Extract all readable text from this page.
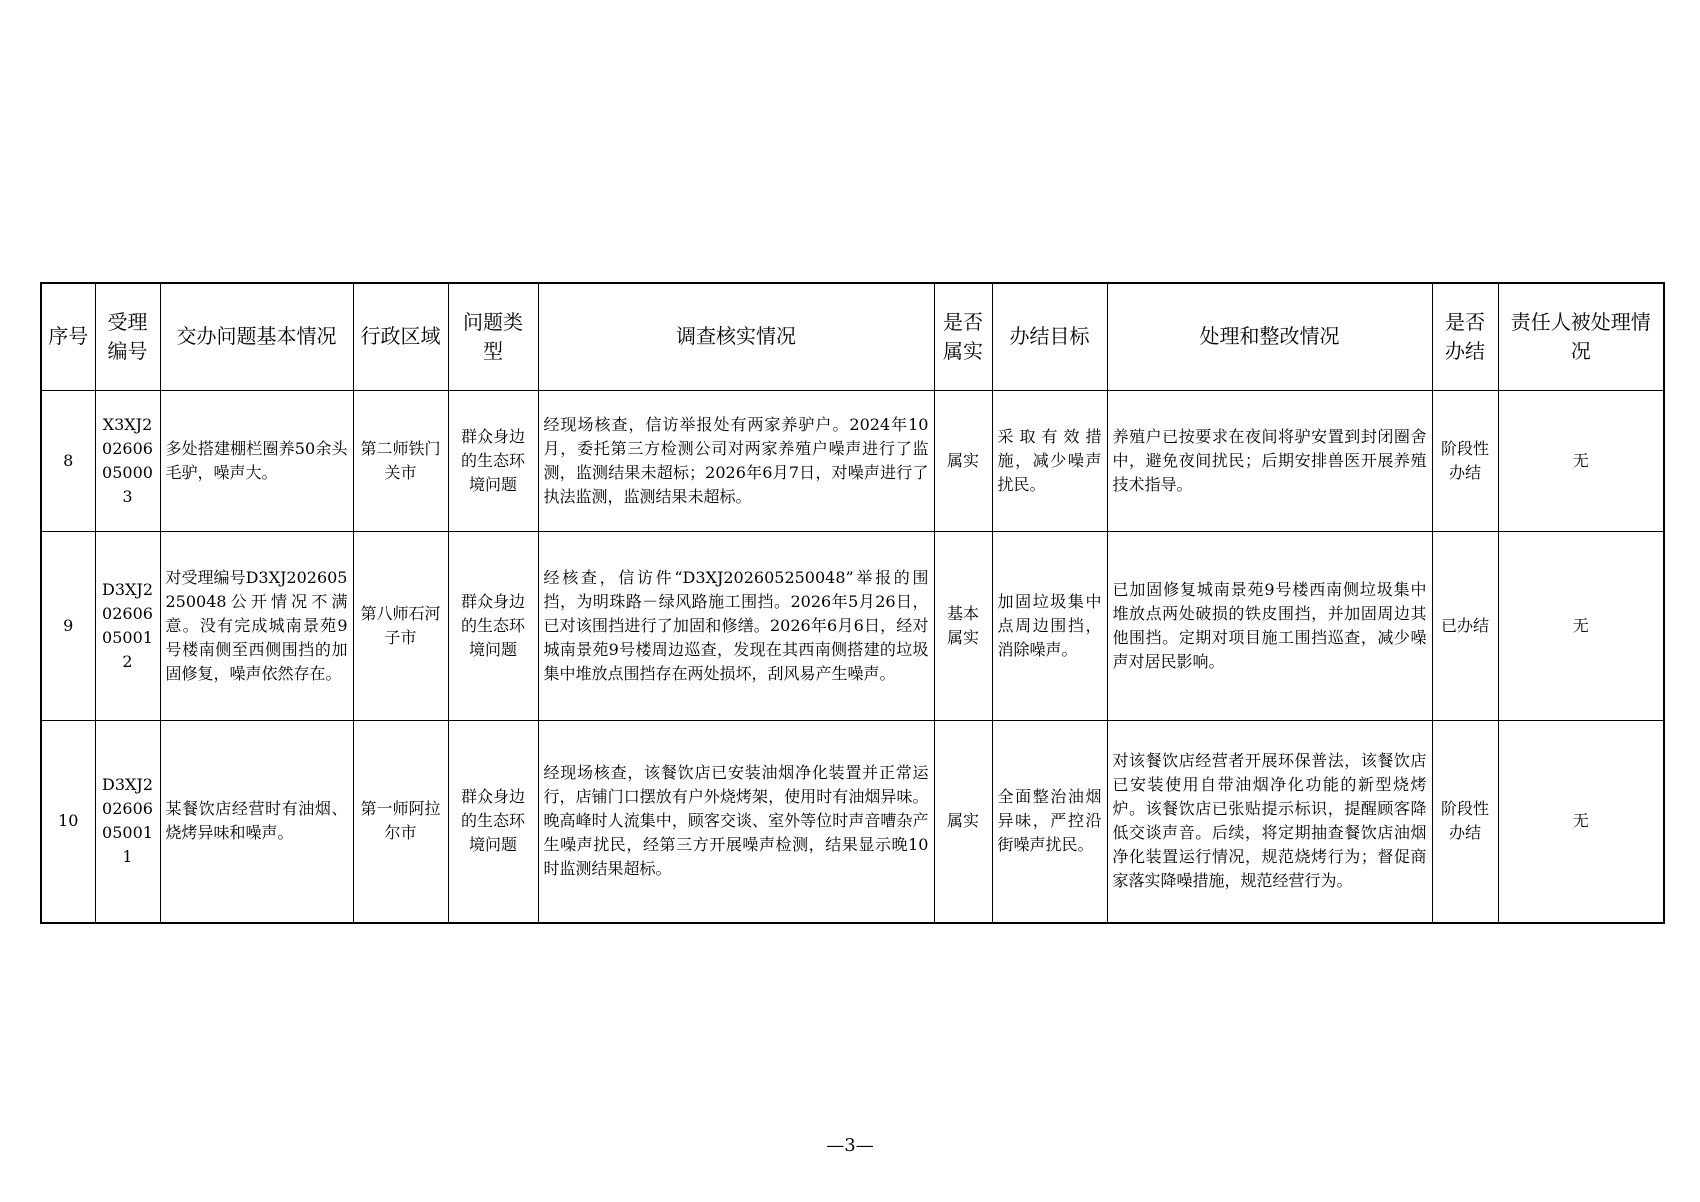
序号	受理编号	交办问题基本情况	行政区域	问题类型	调查核实情况	是否属实	办结目标	处理和整改情况	是否办结	责任人被处理情况
8	X3XJ202606050003	多处搭建棚栏圈养50余头毛驴，噪声大。	第二师铁门关市	群众身边的生态环境问题	经现场核查，信访举报处有两家养驴户。2024年10月，委托第三方检测公司对两家养殖户噪声进行了监测，监测结果未超标；2026年6月7日，对噪声进行了执法监测，监测结果未超标。	属实	采取有效措施，减少噪声扰民。	养殖户已按要求在夜间将驴安置到封闭圈舍中，避免夜间扰民；后期安排兽医开展养殖技术指导。	阶段性办结	无
9	D3XJ202606050012	对受理编号D3XJ202605250048公开情况不满意。没有完成城南景苑9号楼南侧至西侧围挡的加固修复，噪声依然存在。	第八师石河子市	群众身边的生态环境问题	经核查，信访件“D3XJ202605250048”举报的围挡，为明珠路－绿风路施工围挡。2026年5月26日，已对该围挡进行了加固和修缮。2026年6月6日，经对城南景苑9号楼周边巡查，发现在其西南侧搭建的垃圾集中堆放点围挡存在两处损坏，刮风易产生噪声。	基本属实	加固垃圾集中点周边围挡，消除噪声。	已加固修复城南景苑9号楼西南侧垃圾集中堆放点两处破损的铁皮围挡，并加固周边其他围挡。定期对项目施工围挡巡查，减少噪声对居民影响。	已办结	无
10	D3XJ202606050011	某餐饮店经营时有油烟、烧烤异味和噪声。	第一师阿拉尔市	群众身边的生态环境问题	经现场核查，该餐饮店已安装油烟净化装置并正常运行，店铺门口摆放有户外烧烤架，使用时有油烟异味。晚高峰时人流集中，顾客交谈、室外等位时声音嘈杂产生噪声扰民，经第三方开展噪声检测，结果显示晚10时监测结果超标。	属实	全面整治油烟异味，严控沿街噪声扰民。	对该餐饮店经营者开展环保普法，该餐饮店已安装使用自带油烟净化功能的新型烧烤炉。该餐饮店已张贴提示标识，提醒顾客降低交谈声音。后续，将定期抽查餐饮店油烟净化装置运行情况，规范烧烤行为；督促商家落实降噪措施，规范经营行为。	阶段性办结	无
—3—
